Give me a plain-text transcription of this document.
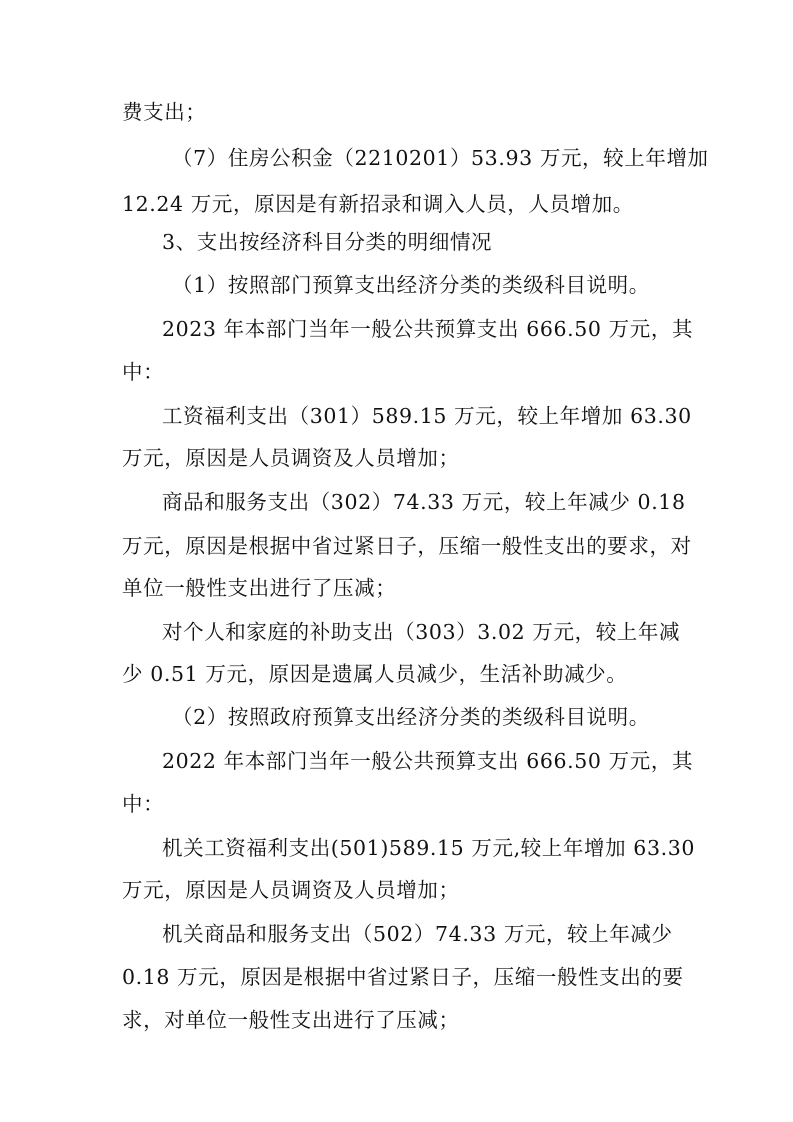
费支出；
（7）住房公积金（2210201）53.93 万元，较上年增加
12.24 万元，原因是有新招录和调入人员，人员增加。
3、支出按经济科目分类的明细情况
（1）按照部门预算支出经济分类的类级科目说明。
2023 年本部门当年一般公共预算支出 666.50 万元，其
中：
工资福利支出（301）589.15 万元，较上年增加 63.30
万元，原因是人员调资及人员增加；
商品和服务支出（302）74.33 万元，较上年减少 0.18
万元，原因是根据中省过紧日子，压缩一般性支出的要求，对
单位一般性支出进行了压减；
对个人和家庭的补助支出（303）3.02 万元，较上年减
少 0.51 万元，原因是遗属人员减少，生活补助减少。
（2）按照政府预算支出经济分类的类级科目说明。
2022 年本部门当年一般公共预算支出 666.50 万元，其
中：
机关工资福利支出(501)589.15 万元,较上年增加 63.30
万元，原因是人员调资及人员增加；
机关商品和服务支出（502）74.33 万元，较上年减少
0.18 万元，原因是根据中省过紧日子，压缩一般性支出的要
求，对单位一般性支出进行了压减；
